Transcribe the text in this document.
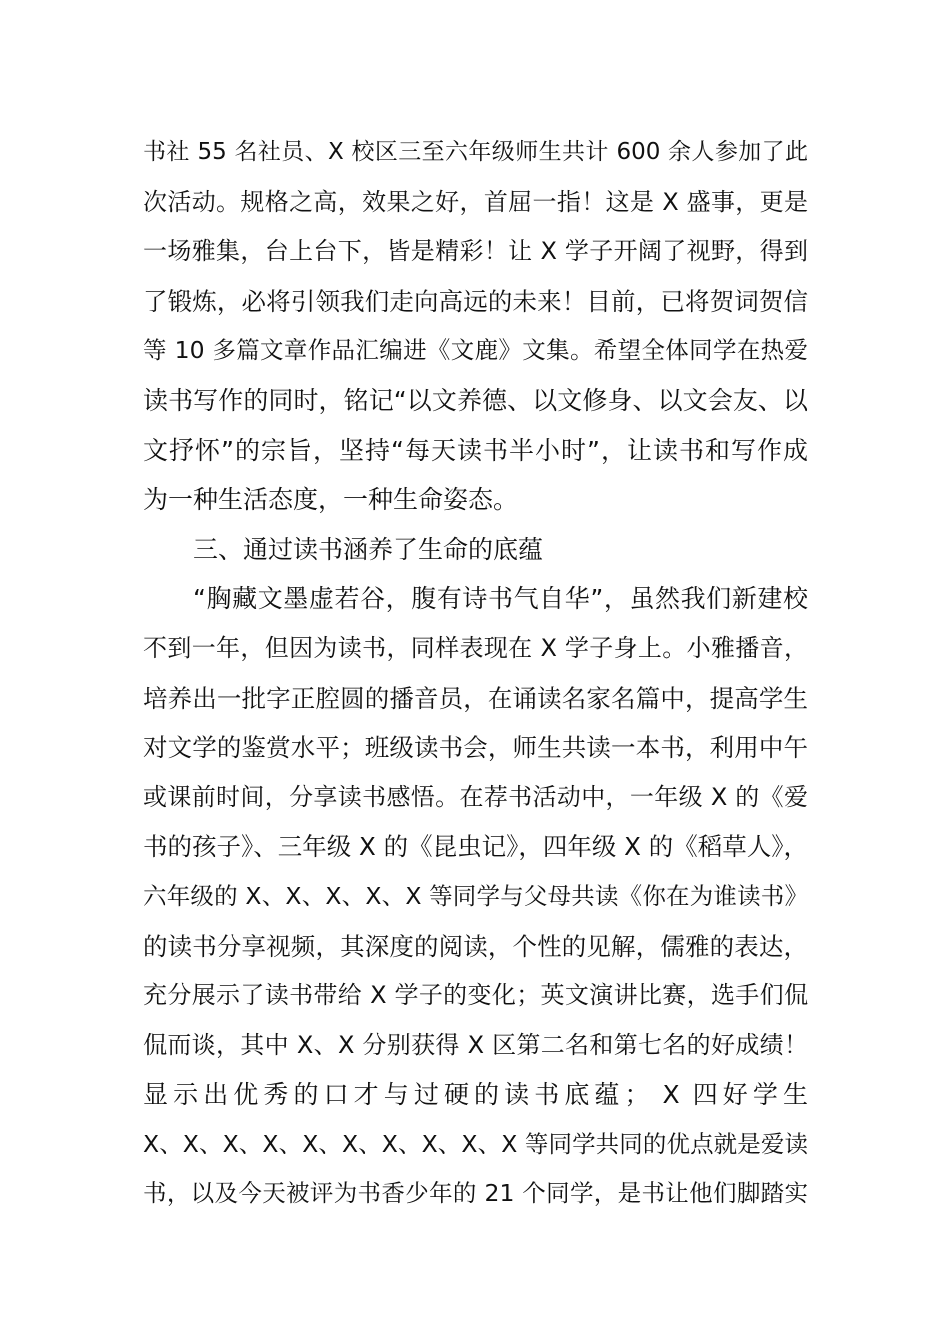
书社 55 名社员、X 校区三至六年级师生共计 600 余人参加了此
次活动。规格之高，效果之好，首屈一指！这是 X 盛事，更是
一场雅集，台上台下，皆是精彩！让 X 学子开阔了视野，得到
了锻炼，必将引领我们走向高远的未来！目前，已将贺词贺信
等 10 多篇文章作品汇编进《文鹿》文集。希望全体同学在热爱
读书写作的同时，铭记“以文养德、以文修身、以文会友、以
文抒怀”的宗旨，坚持“每天读书半小时”，让读书和写作成
为一种生活态度，一种生命姿态。
三、通过读书涵养了生命的底蕴
“胸藏文墨虚若谷，腹有诗书气自华”，虽然我们新建校
不到一年，但因为读书，同样表现在 X 学子身上。小雅播音，
培养出一批字正腔圆的播音员，在诵读名家名篇中，提高学生
对文学的鉴赏水平；班级读书会，师生共读一本书，利用中午
或课前时间，分享读书感悟。在荐书活动中，一年级 X 的《爱
书的孩子》、三年级 X 的《昆虫记》，四年级 X 的《稻草人》，
六年级的 X、X、X、X、X 等同学与父母共读《你在为谁读书》
的读书分享视频，其深度的阅读，个性的见解，儒雅的表达，
充分展示了读书带给 X 学子的变化；英文演讲比赛，选手们侃
侃而谈，其中 X、X 分别获得 X 区第二名和第七名的好成绩！
显示出优秀的口才与过硬的读书底蕴； X 四好学生
X、X、X、X、X、X、X、X、X、X 等同学共同的优点就是爱读
书，以及今天被评为书香少年的 21 个同学，是书让他们脚踏实
